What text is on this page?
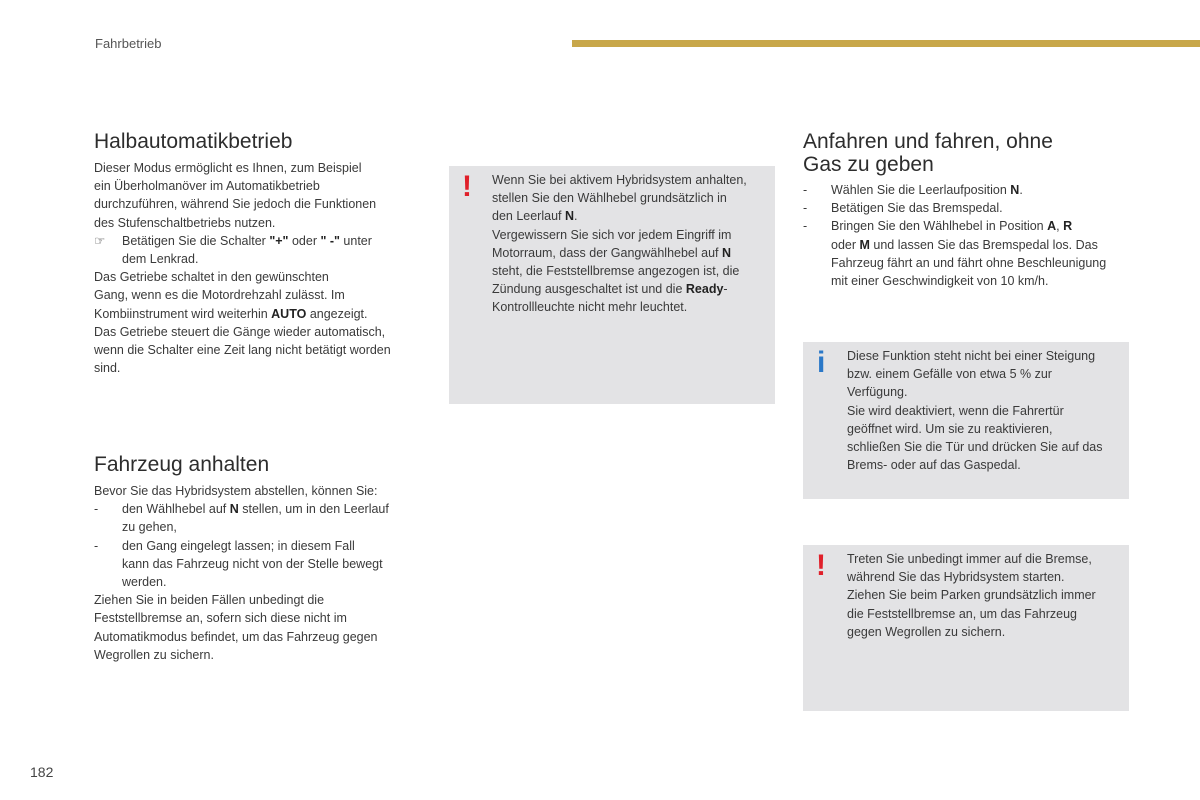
Fahrbetrieb
Halbautomatikbetrieb

Dieser Modus ermöglicht es Ihnen, zum Beispiel

ein Überholmanöver im Automatikbetrieb

durchzuführen, während Sie jedoch die Funktionen

des Stufenschaltbetriebs nutzen.

☞ Betätigen Sie die Schalter "+" oder " -" unter
dem Lenkrad.

Das Getriebe schaltet in den gewünschten

Gang, wenn es die Motordrehzahl zulässt. Im

Kombiinstrument wird weiterhin AUTO angezeigt.

Das Getriebe steuert die Gänge wieder automatisch,

wenn die Schalter eine Zeit lang nicht betätigt worden

sind.

Fahrzeug anhalten

Bevor Sie das Hybridsystem abstellen, können Sie:

- den Wählhebel auf N stellen, um in den Leerlauf
zu gehen,
- den Gang eingelegt lassen; in diesem Fall
kann das Fahrzeug nicht von der Stelle bewegt
werden.

Ziehen Sie in beiden Fällen unbedingt die

Feststellbremse an, sofern sich diese nicht im

Automatikmodus befindet, um das Fahrzeug gegen

Wegrollen zu sichern.

! Wenn Sie bei aktivem Hybridsystem anhalten,

stellen Sie den Wählhebel grundsätzlich in

den Leerlauf N.

Vergewissern Sie sich vor jedem Eingriff im

Motorraum, dass der Gangwählhebel auf N

steht, die Feststellbremse angezogen ist, die

Zündung ausgeschaltet ist und die Ready-

Kontrollleuchte nicht mehr leuchtet.

Anfahren und fahren, ohne
Gas zu geben
- Wählen Sie die Leerlaufposition N.
- Betätigen Sie das Bremspedal.
- Bringen Sie den Wählhebel in Position A, R
oder M und lassen Sie das Bremspedal los. Das
Fahrzeug fährt an und fährt ohne Beschleunigung
mit einer Geschwindigkeit von 10 km/h.
i Diese Funktion steht nicht bei einer Steigung

bzw. einem Gefälle von etwa 5 % zur

Verfügung.

Sie wird deaktiviert, wenn die Fahrertür

geöffnet wird. Um sie zu reaktivieren,

schließen Sie die Tür und drücken Sie auf das

Brems- oder auf das Gaspedal.

! Treten Sie unbedingt immer auf die Bremse,

während Sie das Hybridsystem starten.

Ziehen Sie beim Parken grundsätzlich immer

die Feststellbremse an, um das Fahrzeug

gegen Wegrollen zu sichern.

182
